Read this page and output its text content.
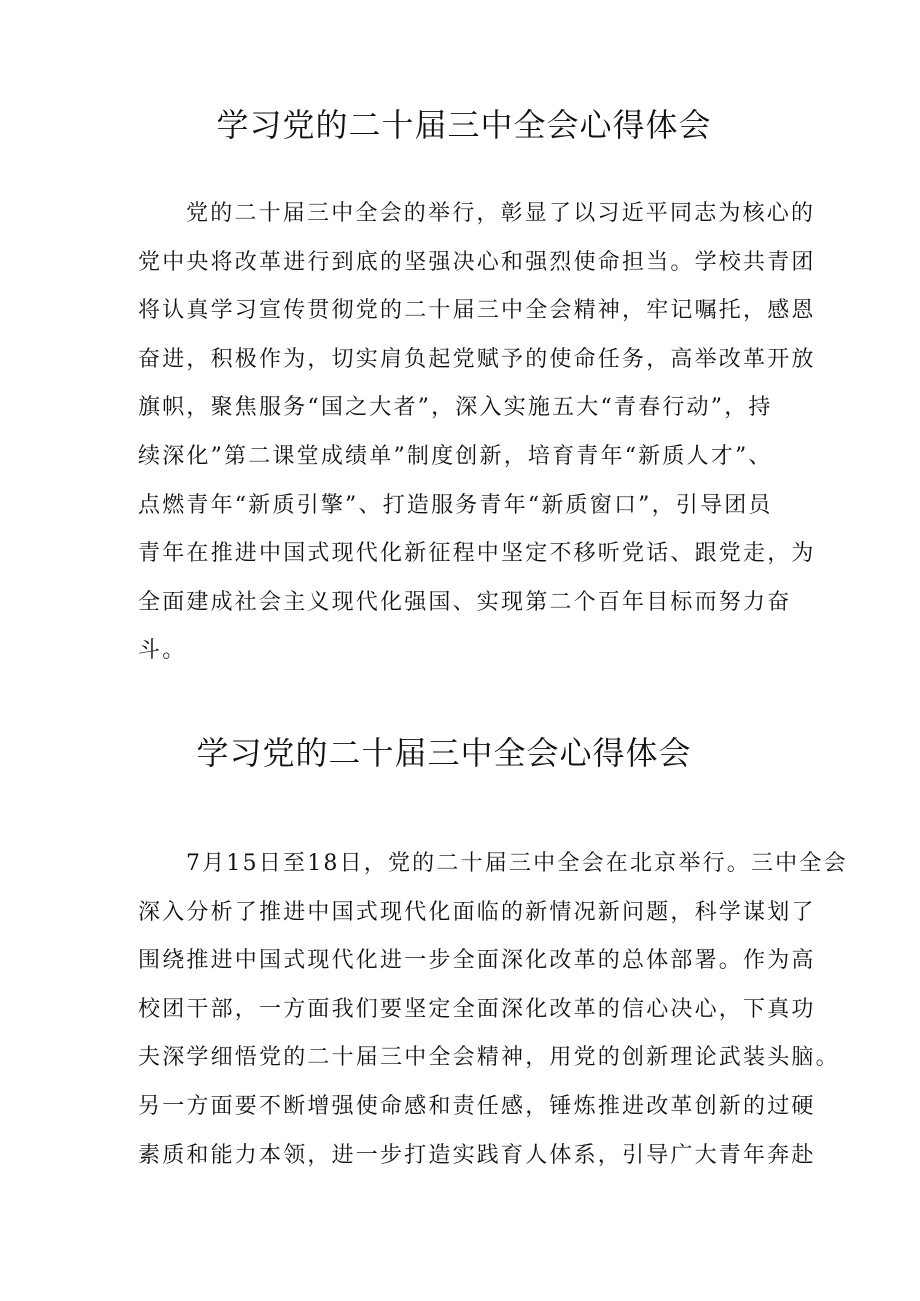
学习党的二十届三中全会心得体会
党的二十届三中全会的举行，彰显了以习近平同志为核心的
党中央将改革进行到底的坚强决心和强烈使命担当。学校共青团
将认真学习宣传贯彻党的二十届三中全会精神，牢记嘱托，感恩
奋进，积极作为，切实肩负起党赋予的使命任务，高举改革开放
旗帜，聚焦服务“国之大者”，深入实施五大“青春行动”，持
续深化”第二课堂成绩单”制度创新，培育青年“新质人才”、
点燃青年“新质引擎”、打造服务青年“新质窗口”，引导团员
青年在推进中国式现代化新征程中坚定不移听党话、跟党走，为
全面建成社会主义现代化强国、实现第二个百年目标而努力奋
斗。
学习党的二十届三中全会心得体会
7月15日至18日，党的二十届三中全会在北京举行。三中全会
深入分析了推进中国式现代化面临的新情况新问题，科学谋划了
围绕推进中国式现代化进一步全面深化改革的总体部署。作为高
校团干部，一方面我们要坚定全面深化改革的信心决心，下真功
夫深学细悟党的二十届三中全会精神，用党的创新理论武装头脑。
另一方面要不断增强使命感和责任感，锤炼推进改革创新的过硬
素质和能力本领，进一步打造实践育人体系，引导广大青年奔赴
